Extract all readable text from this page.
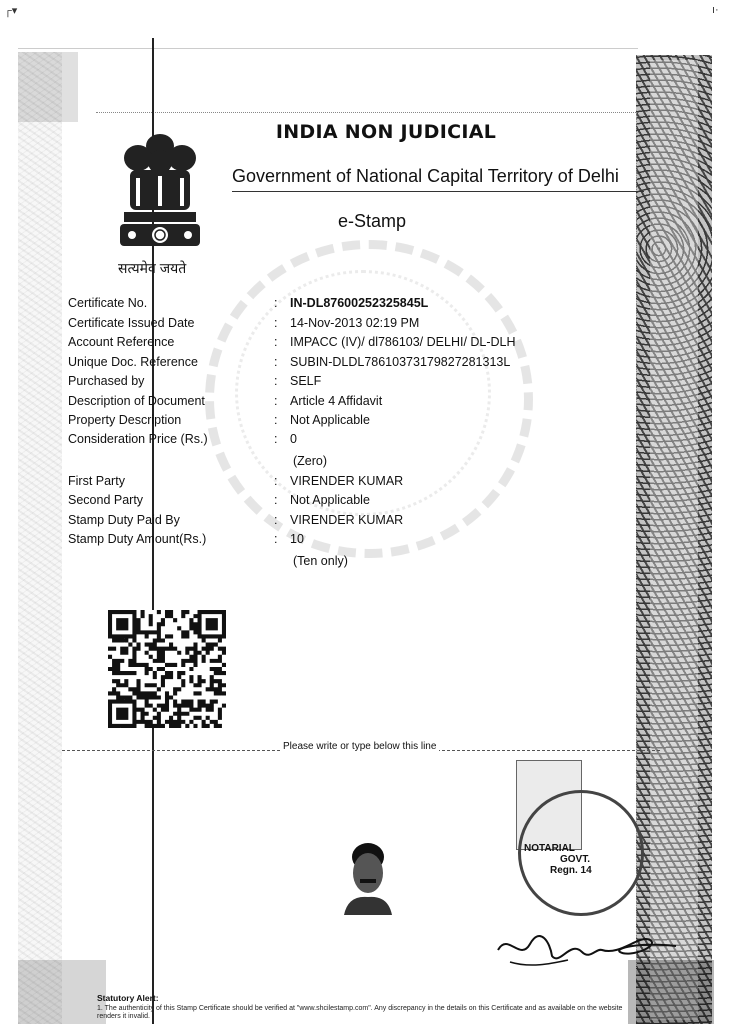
┌▾	ı·
सत्यमेव जयते
INDIA NON JUDICIAL
Government of National Capital Territory of Delhi
e-Stamp
Certificate No.	: IN-DL87600252325845L
Certificate Issued Date	: 14-Nov-2013 02:19 PM
Account Reference	: IMPACC (IV)/ dl786103/ DELHI/ DL-DLH
Unique Doc. Reference	: SUBIN-DLDL78610373179827281313L
Purchased by	: SELF
Description of Document	: Article 4 Affidavit
Property Description	: Not Applicable
Consideration Price (Rs.)	: 0
(Zero)
First Party	: VIRENDER KUMAR
Second Party	: Not Applicable
Stamp Duty Paid By	: VIRENDER KUMAR
Stamp Duty Amount(Rs.)	: 10
(Ten only)
Please write or type below this line
NOTARIAL
GOVT.
Regn. 14
Statutory Alert:
1. The authenticity of this Stamp Certificate should be verified at "www.shcilestamp.com". Any discrepancy in the details on this Certificate and as available on the website renders it invalid.
